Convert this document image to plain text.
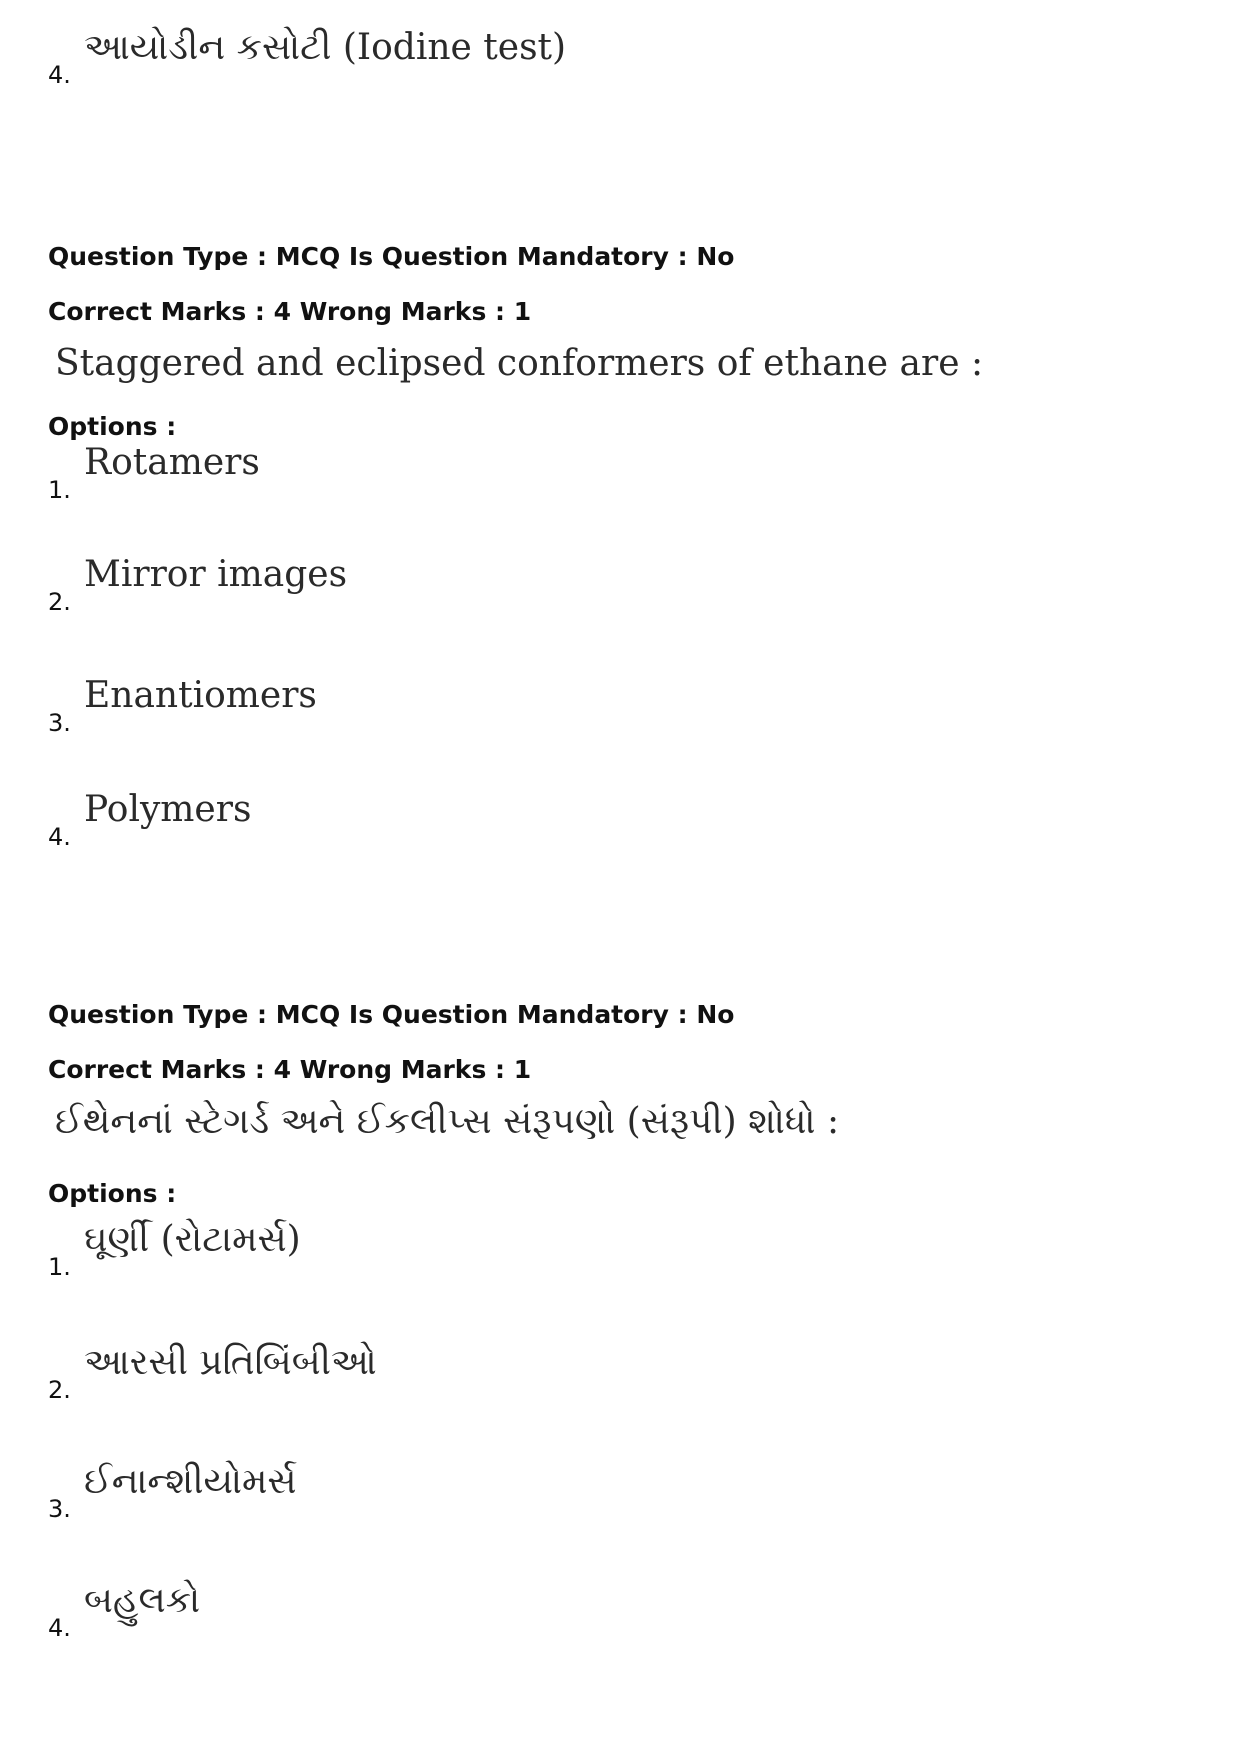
4.
આયોડીન કસોટી (Iodine test)
Question Type : MCQ Is Question Mandatory : No
Correct Marks : 4 Wrong Marks : 1
Staggered and eclipsed conformers of ethane are :
Options :
1.
Rotamers
2.
Mirror images
3.
Enantiomers
4.
Polymers
Question Type : MCQ Is Question Mandatory : No
Correct Marks : 4 Wrong Marks : 1
ઈથેનનાં સ્ટેગર્ડ અને ઈકલીપ્સ સંરૂપણો (સંરૂપી) શોધો :
Options :
1.
ઘૂર્ણી (રોટામર્સ)
2.
આરસી પ્રતિબિંબીઓ
3.
ઈનાન્શીયોમર્સ
4.
બહુલકો
